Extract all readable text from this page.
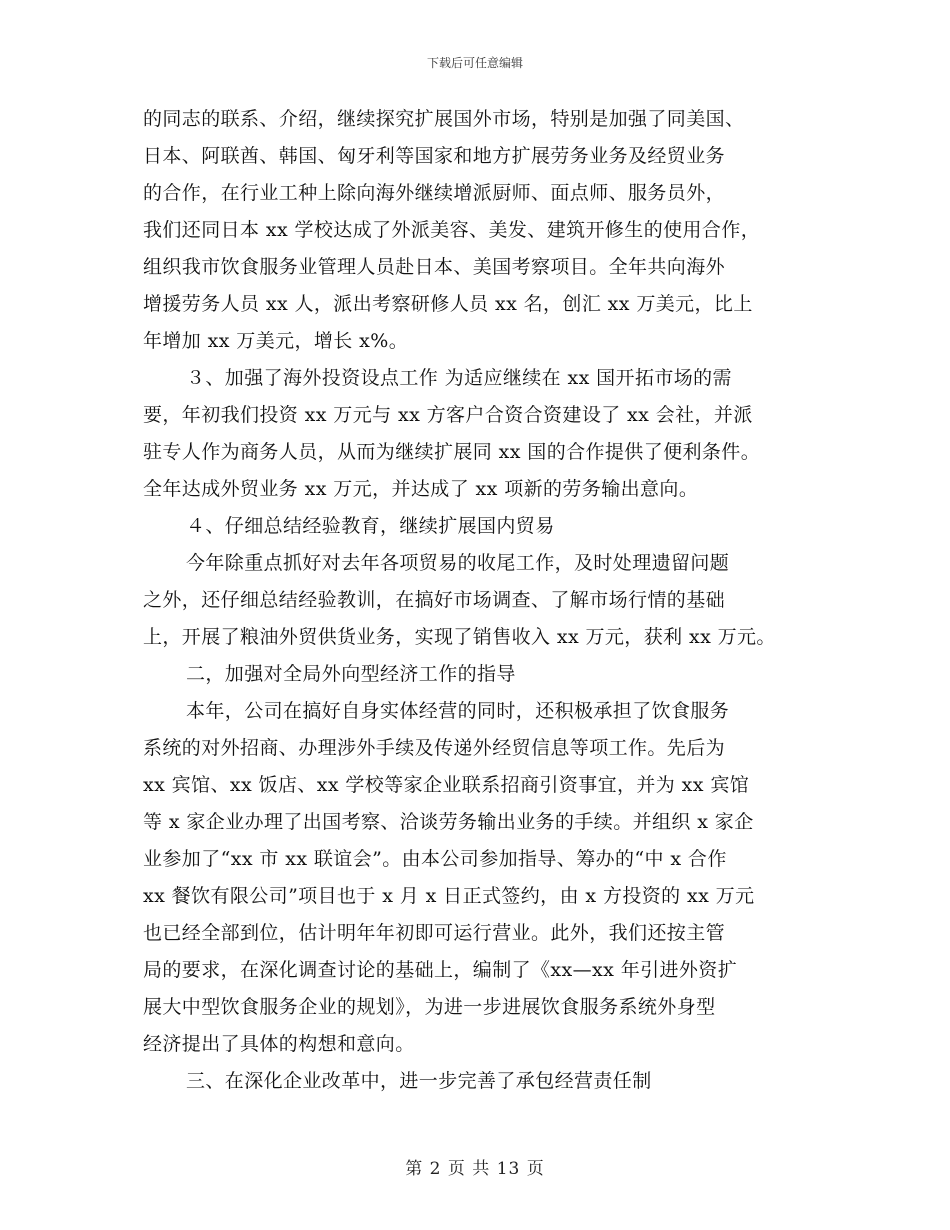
下载后可任意编辑
的同志的联系、介绍，继续探究扩展国外市场，特别是加强了同美国、
日本、阿联酋、韩国、匈牙利等国家和地方扩展劳务业务及经贸业务
的合作，在行业工种上除向海外继续增派厨师、面点师、服务员外，
我们还同日本 xx 学校达成了外派美容、美发、建筑开修生的使用合作，
组织我市饮食服务业管理人员赴日本、美国考察项目。全年共向海外
增援劳务人员 xx 人，派出考察研修人员 xx 名，创汇 xx 万美元，比上
年增加 xx 万美元，增长 x%。
３、加强了海外投资设点工作 为适应继续在 xx 国开拓市场的需
要，年初我们投资 xx 万元与 xx 方客户合资合资建设了 xx 会社，并派
驻专人作为商务人员，从而为继续扩展同 xx 国的合作提供了便利条件。
全年达成外贸业务 xx 万元，并达成了 xx 项新的劳务输出意向。
４、仔细总结经验教育，继续扩展国内贸易
今年除重点抓好对去年各项贸易的收尾工作，及时处理遗留问题
之外，还仔细总结经验教训，在搞好市场调查、了解市场行情的基础
上，开展了粮油外贸供货业务，实现了销售收入 xx 万元，获利 xx 万元。
二，加强对全局外向型经济工作的指导
本年，公司在搞好自身实体经营的同时，还积极承担了饮食服务
系统的对外招商、办理涉外手续及传递外经贸信息等项工作。先后为
xx 宾馆、xx 饭店、xx 学校等家企业联系招商引资事宜，并为 xx 宾馆
等 x 家企业办理了出国考察、洽谈劳务输出业务的手续。并组织 x 家企
业参加了“xx 市 xx 联谊会”。由本公司参加指导、筹办的“中 x 合作
xx 餐饮有限公司”项目也于 x 月 x 日正式签约，由 x 方投资的 xx 万元
也已经全部到位，估计明年年初即可运行营业。此外，我们还按主管
局的要求，在深化调查讨论的基础上，编制了《xx—xx 年引进外资扩
展大中型饮食服务企业的规划》，为进一步进展饮食服务系统外身型
经济提出了具体的构想和意向。
三、在深化企业改革中，进一步完善了承包经营责任制
第 2 页 共 13 页
